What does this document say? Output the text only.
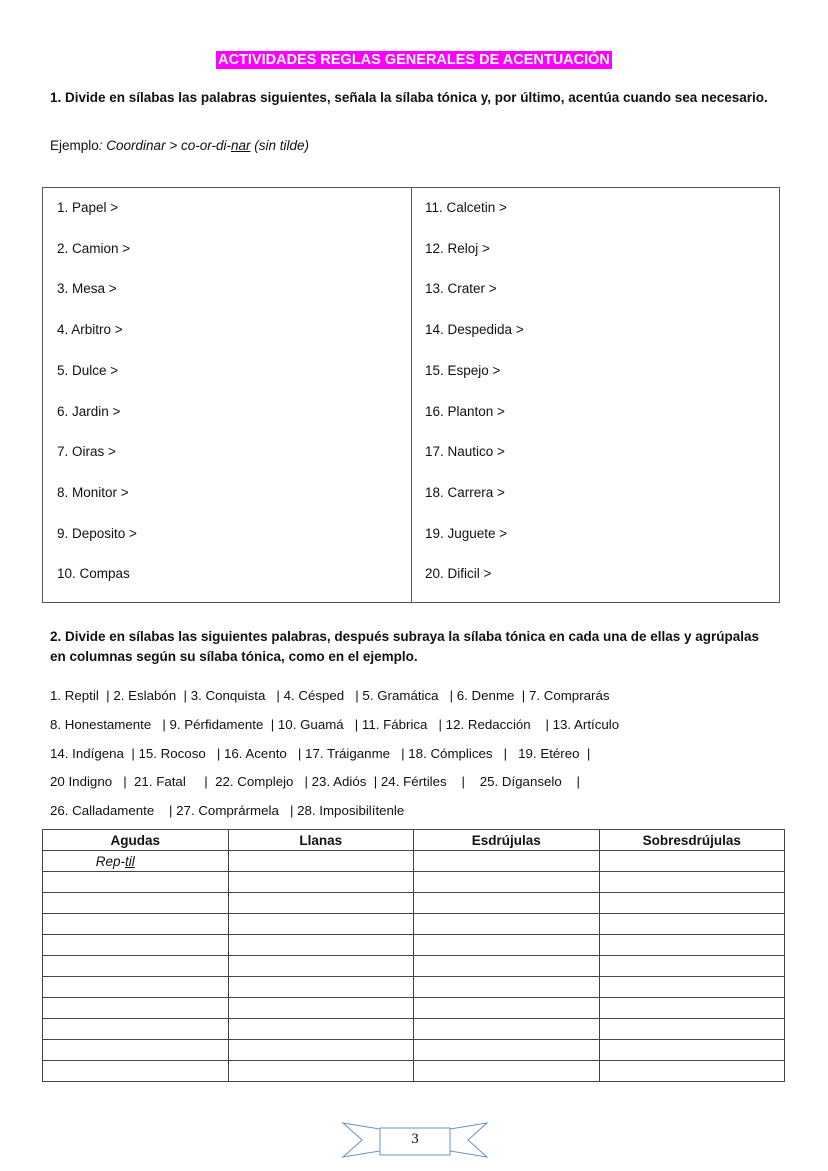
ACTIVIDADES REGLAS GENERALES DE ACENTUACIÓN
1. Divide en sílabas las palabras siguientes, señala la sílaba tónica y, por último, acentúa cuando sea necesario.
Ejemplo: Coordinar > co-or-di-nar (sin tilde)
1. Papel >
2. Camion >
3. Mesa >
4. Arbitro >
5. Dulce >
6. Jardin >
7. Oiras >
8. Monitor >
9. Deposito >
10. Compas
11. Calcetin >
12. Reloj >
13. Crater >
14. Despedida >
15. Espejo >
16. Planton >
17. Nautico >
18. Carrera >
19. Juguete >
20. Dificil >
2. Divide en sílabas las siguientes palabras, después subraya la sílaba tónica en cada una de ellas y agrúpalas en columnas según su sílaba tónica, como en el ejemplo.
Agudas	Llanas	Esdrújulas	Sobresdrújulas
Rep-til			

3
1. Reptil  | 2. Eslabón  | 3. Conquista   | 4. Césped   | 5. Gramática   | 6. Denme  | 7. Comprarás
8. Honestamente   | 9. Pérfidamente  | 10. Guamá   | 11. Fábrica   | 12. Redacción    | 13. Artículo
14. Indígena  | 15. Rocoso   | 16. Acento   | 17. Tráiganme   | 18. Cómplices   |   19. Etéreo  |
20 Indigno   |  21. Fatal     |  22. Complejo   | 23. Adiós  | 24. Fértiles    |    25. Díganselo    |
26. Calladamente    | 27. Comprármela   | 28. Imposibilítenle
